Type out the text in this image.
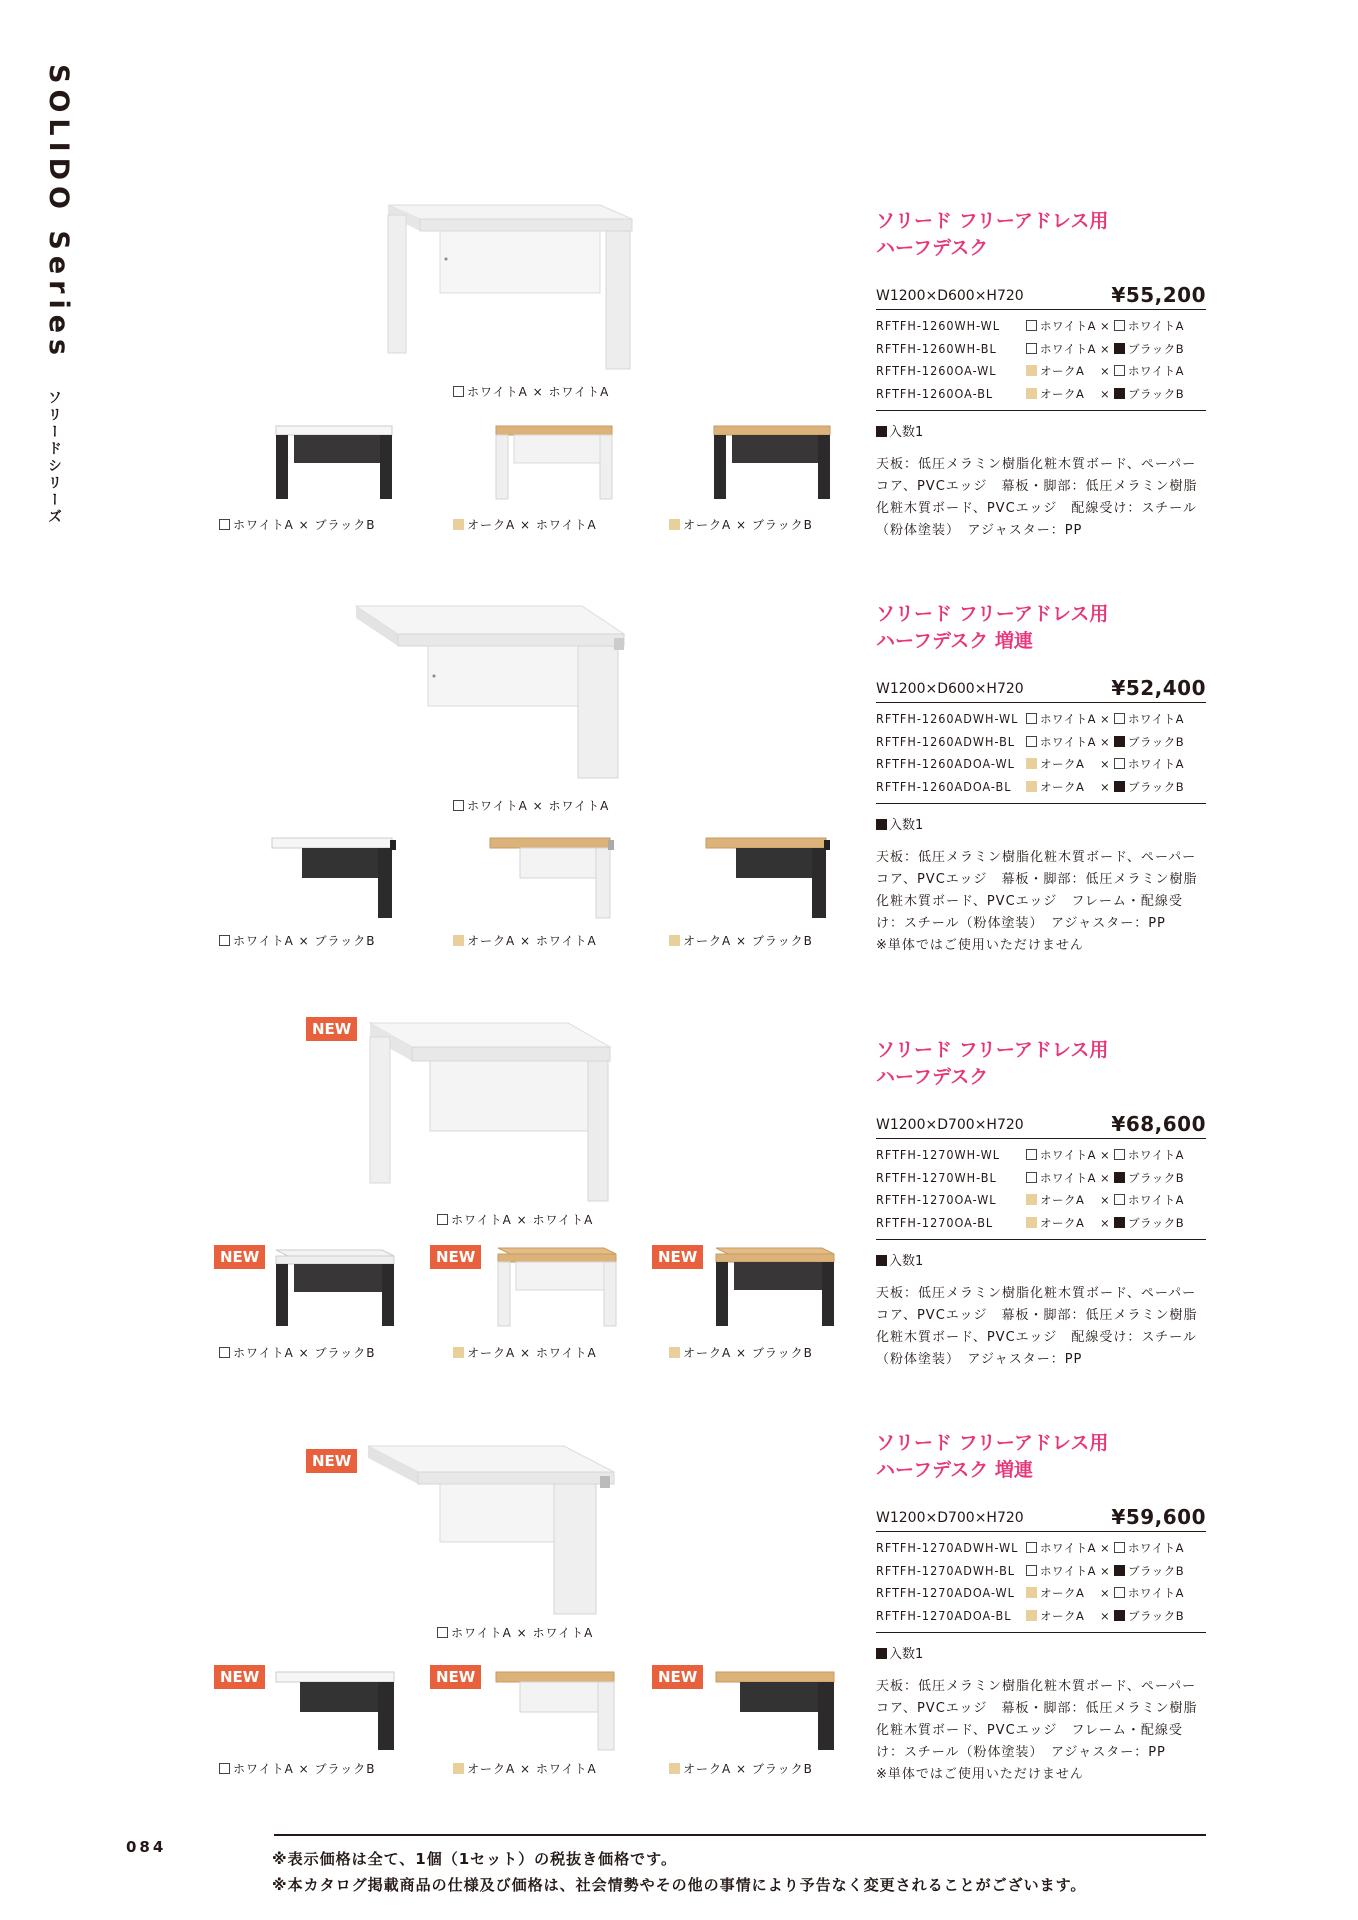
SOLIDO Series
ソリードシリーズ	ホワイトA × ホワイトA
ホワイトA × ブラックB	オークA × ホワイトA	オークA × ブラックB
ソリード フリーアドレス用
ハーフデスク
W1200×D600×H720	¥55,200
RFTFH-1260WH-WL	ホワイトA ×	ホワイトA
RFTFH-1260WH-BL	ホワイトA ×	ブラックB
RFTFH-1260OA-WL	オークA	×	ホワイトA
RFTFH-1260OA-BL	オークA	×	ブラックB
入数1
天板：低圧メラミン樹脂化粧木質ボード、ペーパー
コア、PVCエッジ　幕板・脚部：低圧メラミン樹脂
化粧木質ボード、PVCエッジ　配線受け：スチール
（粉体塗装）　アジャスター：PP
ホワイトA × ホワイトA
ホワイトA × ブラックB	オークA × ホワイトA	オークA × ブラックB
ソリード フリーアドレス用
ハーフデスク 増連
W1200×D600×H720	¥52,400
RFTFH-1260ADWH-WL	ホワイトA ×	ホワイトA
RFTFH-1260ADWH-BL	ホワイトA ×	ブラックB
RFTFH-1260ADOA-WL	オークA	×	ホワイトA
RFTFH-1260ADOA-BL	オークA	×	ブラックB
入数1
天板：低圧メラミン樹脂化粧木質ボード、ペーパー
コア、PVCエッジ　幕板・脚部：低圧メラミン樹脂
化粧木質ボード、PVCエッジ　フレーム・配線受
け：スチール（粉体塗装）　アジャスター：PP
※単体ではご使用いただけません
NEW
ホワイトA × ホワイトA
NEW
ホワイトA × ブラックB
NEW
オークA × ホワイトA
NEW
オークA × ブラックB
ソリード フリーアドレス用
ハーフデスク
W1200×D700×H720	¥68,600
RFTFH-1270WH-WL	ホワイトA ×	ホワイトA
RFTFH-1270WH-BL	ホワイトA ×	ブラックB
RFTFH-1270OA-WL	オークA	×	ホワイトA
RFTFH-1270OA-BL	オークA	×	ブラックB
入数1
天板：低圧メラミン樹脂化粧木質ボード、ペーパー
コア、PVCエッジ　幕板・脚部：低圧メラミン樹脂
化粧木質ボード、PVCエッジ　配線受け：スチール
（粉体塗装）　アジャスター：PP
NEW
ホワイトA × ホワイトA
NEW
ホワイトA × ブラックB
NEW
オークA × ホワイトA
NEW
オークA × ブラックB
ソリード フリーアドレス用
ハーフデスク 増連
W1200×D700×H720	¥59,600
RFTFH-1270ADWH-WL	ホワイトA ×	ホワイトA
RFTFH-1270ADWH-BL	ホワイトA ×	ブラックB
RFTFH-1270ADOA-WL	オークA	×	ホワイトA
RFTFH-1270ADOA-BL	オークA	×	ブラックB
入数1
天板：低圧メラミン樹脂化粧木質ボード、ペーパー
コア、PVCエッジ　幕板・脚部：低圧メラミン樹脂
化粧木質ボード、PVCエッジ　フレーム・配線受
け：スチール（粉体塗装）　アジャスター：PP
※単体ではご使用いただけません
084
※表示価格は全て、1個（1セット）の税抜き価格です。
※本カタログ掲載商品の仕様及び価格は、社会情勢やその他の事情により予告なく変更されることがございます。
